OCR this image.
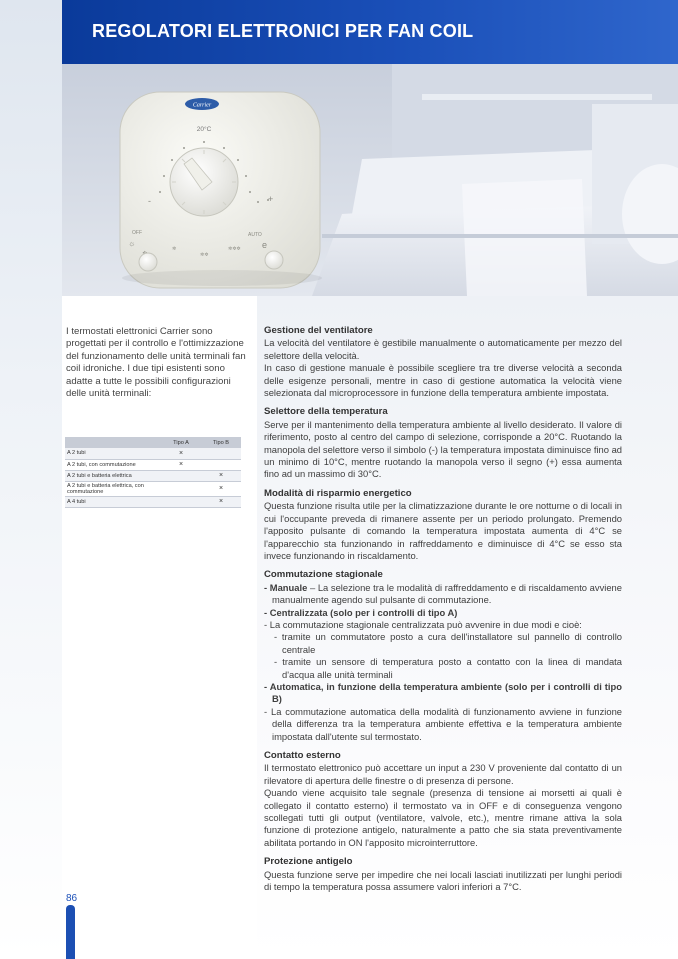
REGOLATORI ELETTRONICI PER FAN COIL
Carrier
20°C
-	+
OFF
✲
✲✲
✲✲✲
AUTO
☼	e
I termostati elettronici Carrier sono progettati per il controllo e l'ottimizzazione del funzionamento delle unità terminali fan coil idroniche. I due tipi esistenti sono adatte a tutte le possibili configurazioni delle unità terminali:
	Tipo A	Tipo B
A 2 tubi	×	
A 2 tubi, con commutazione	×	
A 2 tubi e batteria elettrica		×
A 2 tubi e batteria elettrica, con commutazione		×
A 4 tubi		×
86
Gestione del ventilatore

La velocità del ventilatore è gestibile manualmente o automaticamente per mezzo del selettore della velocità.

In caso di gestione manuale è possibile scegliere tra tre diverse velocità a seconda delle esigenze personali, mentre in caso di gestione automatica la velocità viene selezionata dal microprocessore in funzione della temperatura ambiente impostata.

Selettore della temperatura

Serve per il mantenimento della temperatura ambiente al livello desiderato. Il valore di riferimento, posto al centro del campo di selezione, corrisponde a 20°C. Ruotando la manopola del selettore verso il simbolo (-) la temperatura impostata diminuisce fino ad un minimo di 10°C, mentre ruotando la manopola verso il segno (+) essa aumenta fino ad un massimo di 30°C.

Modalità di risparmio energetico

Questa funzione risulta utile per la climatizzazione durante le ore notturne o di locali in cui l'occupante preveda di rimanere assente per un periodo prolungato. Premendo l'apposito pulsante di comando la temperatura impostata aumenta di 4°C se l'apparecchio sta funzionando in raffreddamento e diminuisce di 4°C se esso sta invece funzionando in riscaldamento.

Commutazione stagionale

- Manuale – La selezione tra le modalità di raffreddamento e di riscaldamento avviene manualmente agendo sul pulsante di commutazione.

- Centralizzata (solo per i controlli di tipo A)

- La commutazione stagionale centralizzata può avvenire in due modi e cioè:

- tramite un commutatore posto a cura dell'installatore sul pannello di controllo centrale

- tramite un sensore di temperatura posto a contatto con la linea di mandata d'acqua alle unità terminali

- Automatica, in funzione della temperatura ambiente (solo per i controlli di tipo B)

- La commutazione automatica della modalità di funzionamento avviene in funzione della differenza tra la temperatura ambiente effettiva e la temperatura ambiente impostata dall'utente sul termostato.

Contatto esterno

Il termostato elettronico può accettare un input a 230 V proveniente dal contatto di un rilevatore di apertura delle finestre o di presenza di persone.

Quando viene acquisito tale segnale (presenza di tensione ai morsetti ai quali è collegato il contatto esterno) il termostato va in OFF e di conseguenza vengono scollegati tutti gli output (ventilatore, valvole, etc.), mentre rimane attiva la sola funzione di protezione antigelo, naturalmente a patto che sia stata preventivamente abilitata portando in ON l'apposito microinterruttore.

Protezione antigelo

Questa funzione serve per impedire che nei locali lasciati inutilizzati per lunghi periodi di tempo la temperatura possa assumere valori inferiori a 7°C.
